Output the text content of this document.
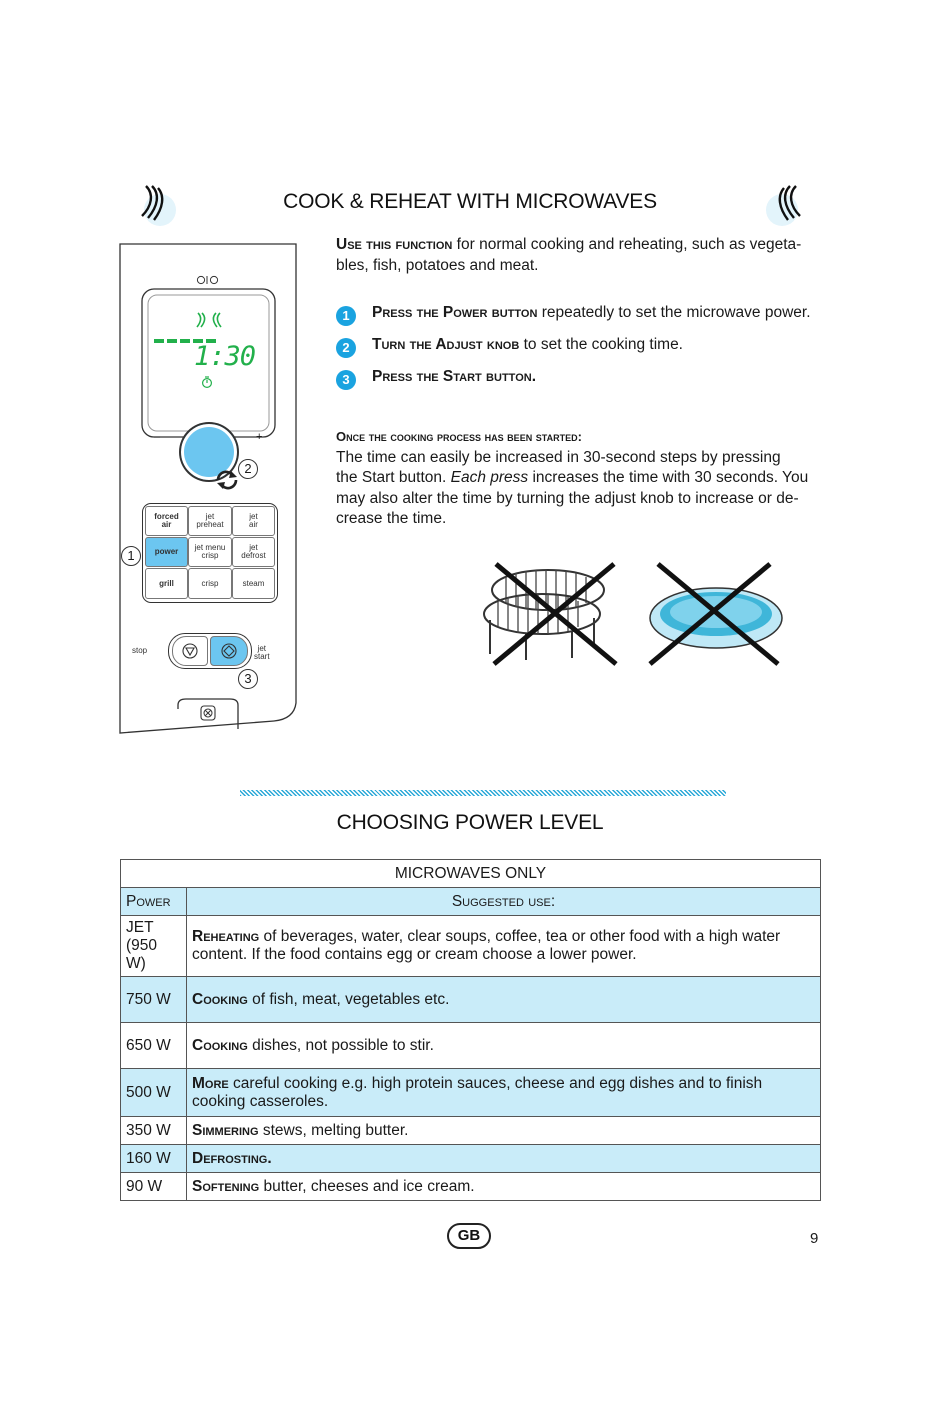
COOK & REHEAT WITH MICROWAVES
Use this function for normal cooking and reheating, such as vegeta-
bles, fish, potatoes and meat.
1 Press the Power button repeatedly to set the microwave power.
2 Turn the Adjust knob to set the cooking time.
3 Press the Start button.
Once the cooking process has been started:
The time can easily be increased in 30-second steps by pressing
the Start button. Each press increases the time with 30 seconds. You
may also alter the time by turning the adjust knob to increase or de-
crease the time.
1:30
–	+
2
forced
air
jet
preheat
jet
air
power jet menu
crisp
jet
defrost
grill	crisp	steam
1
stop	jet
start
3
CHOOSING POWER LEVEL
MICROWAVES ONLY	
Power	Suggested use:
JET
(950 W)	Reheating of beverages, water, clear soups, coffee, tea or other food with a high water content. If the food contains egg or cream choose a lower power.
750 W	Cooking of fish, meat, vegetables etc.
650 W	Cooking dishes, not possible to stir.
500 W	More careful cooking e.g. high protein sauces, cheese and egg dishes and to finish cooking casseroles.
350 W	Simmering stews, melting butter.
160 W	Defrosting.
90 W	Softening butter, cheeses and ice cream.
GB	9
